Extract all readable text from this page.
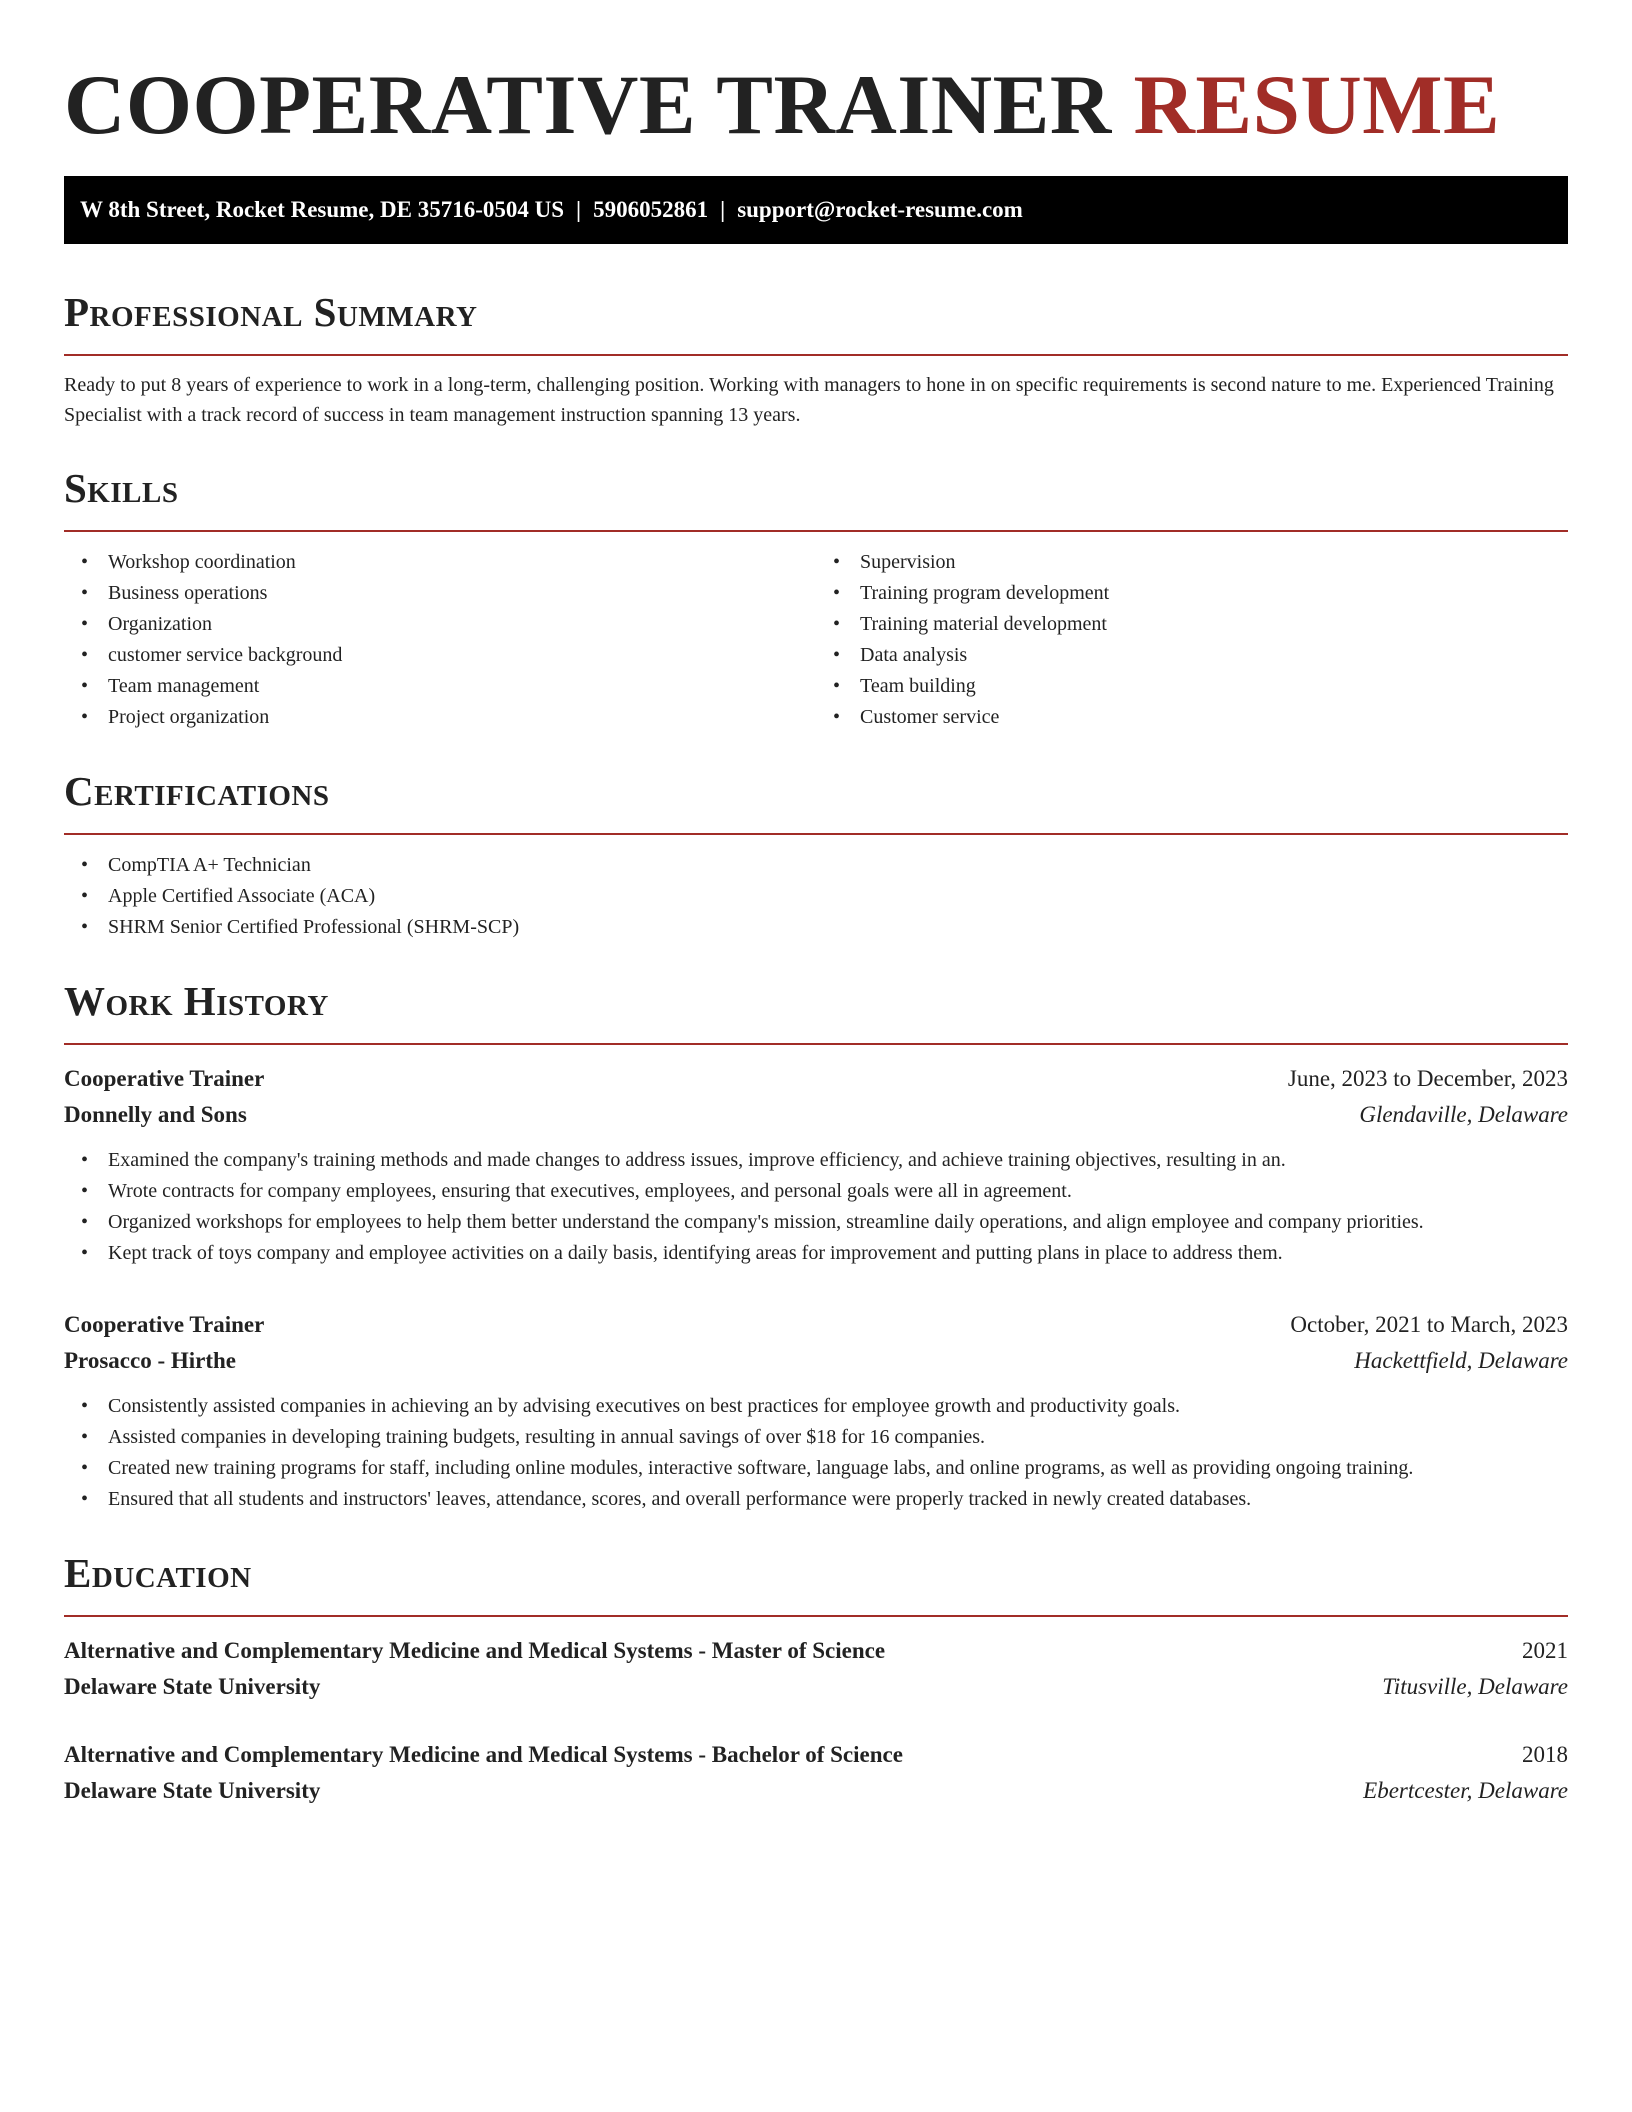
COOPERATIVE TRAINER RESUME
W 8th Street, Rocket Resume, DE 35716-0504 US | 5906052861 | support@rocket-resume.com
Professional Summary

Ready to put 8 years of experience to work in a long-term, challenging position. Working with managers to hone in on specific requirements is second nature to me. Experienced Training Specialist with a track record of success in team management instruction spanning 13 years.

Skills
• Workshop coordination
• Business operations
• Organization
• customer service background
• Team management
• Project organization
• Supervision
• Training program development
• Training material development
• Data analysis
• Team building
• Customer service
Certifications
• CompTIA A+ Technician
• Apple Certified Associate (ACA)
• SHRM Senior Certified Professional (SHRM-SCP)
Work History
Cooperative Trainer	June, 2023 to December, 2023
Donnelly and Sons	Glendaville, Delaware
• Examined the company's training methods and made changes to address issues, improve efficiency, and achieve training objectives, resulting in an.
• Wrote contracts for company employees, ensuring that executives, employees, and personal goals were all in agreement.
• Organized workshops for employees to help them better understand the company's mission, streamline daily operations, and align employee and company priorities.
• Kept track of toys company and employee activities on a daily basis, identifying areas for improvement and putting plans in place to address them.
Cooperative Trainer	October, 2021 to March, 2023
Prosacco - Hirthe	Hackettfield, Delaware
• Consistently assisted companies in achieving an by advising executives on best practices for employee growth and productivity goals.
• Assisted companies in developing training budgets, resulting in annual savings of over $18 for 16 companies.
• Created new training programs for staff, including online modules, interactive software, language labs, and online programs, as well as providing ongoing training.
• Ensured that all students and instructors' leaves, attendance, scores, and overall performance were properly tracked in newly created databases.
Education
Alternative and Complementary Medicine and Medical Systems - Master of Science	2021
Delaware State University	Titusville, Delaware
Alternative and Complementary Medicine and Medical Systems - Bachelor of Science	2018
Delaware State University	Ebertcester, Delaware
